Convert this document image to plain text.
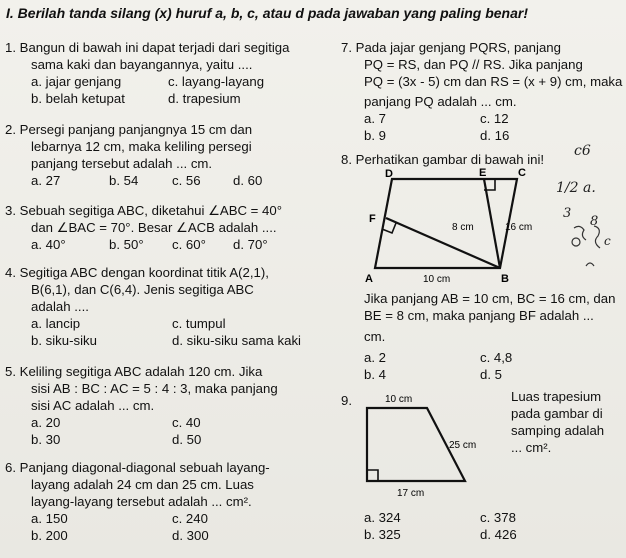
I. Berilah tanda silang (x) huruf a, b, c, atau d pada jawaban yang paling benar!
1. Bangun di bawah ini dapat terjadi dari segitiga
sama kaki dan bayangannya, yaitu ....
a. jajar genjang	c. layang-layang
b. belah ketupat	d. trapesium
2. Persegi panjang panjangnya 15 cm dan
lebarnya 12 cm, maka keliling persegi
panjang tersebut adalah ... cm.
a. 27	b. 54	c. 56 d. 60
3. Sebuah segitiga ABC, diketahui ∠ABC = 40°
dan ∠BAC = 70°. Besar ∠ACB adalah ....
a. 40°	b. 50° c. 60° d. 70°
4. Segitiga ABC dengan koordinat titik A(2,1),
B(6,1), dan C(6,4). Jenis segitiga ABC
adalah ....
a. lancip	c. tumpul
b. siku-siku	d. siku-siku sama kaki
5. Keliling segitiga ABC adalah 120 cm. Jika
sisi AB : BC : AC = 5 : 4 : 3, maka panjang
sisi AC adalah ... cm.
a. 20	c. 40
b. 30	d. 50
6. Panjang diagonal-diagonal sebuah layang-
layang adalah 24 cm dan 25 cm. Luas
layang-layang tersebut adalah ... cm².
a. 150	c. 240
b. 200	d. 300
7. Pada jajar genjang PQRS, panjang
PQ = RS, dan PQ // RS. Jika panjang
PQ = (3x - 5) cm dan RS = (x + 9) cm, maka
panjang PQ adalah ... cm.
a. 7	c. 12
b. 9	d. 16
8. Perhatikan gambar di bawah ini!
D	E	C
F
A	B
8 cm	16 cm
10 cm
Jika panjang AB = 10 cm, BC = 16 cm, dan
BE = 8 cm, maka panjang BF adalah ...
cm.
a. 2	c. 4,8
b. 4	d. 5
9.	10 cm
25 cm
17 cm
Luas trapesium
pada gambar di
samping adalah
... cm².
a. 324	c. 378
b. 325	d. 426
c6
1/2 a.
3
8
c
